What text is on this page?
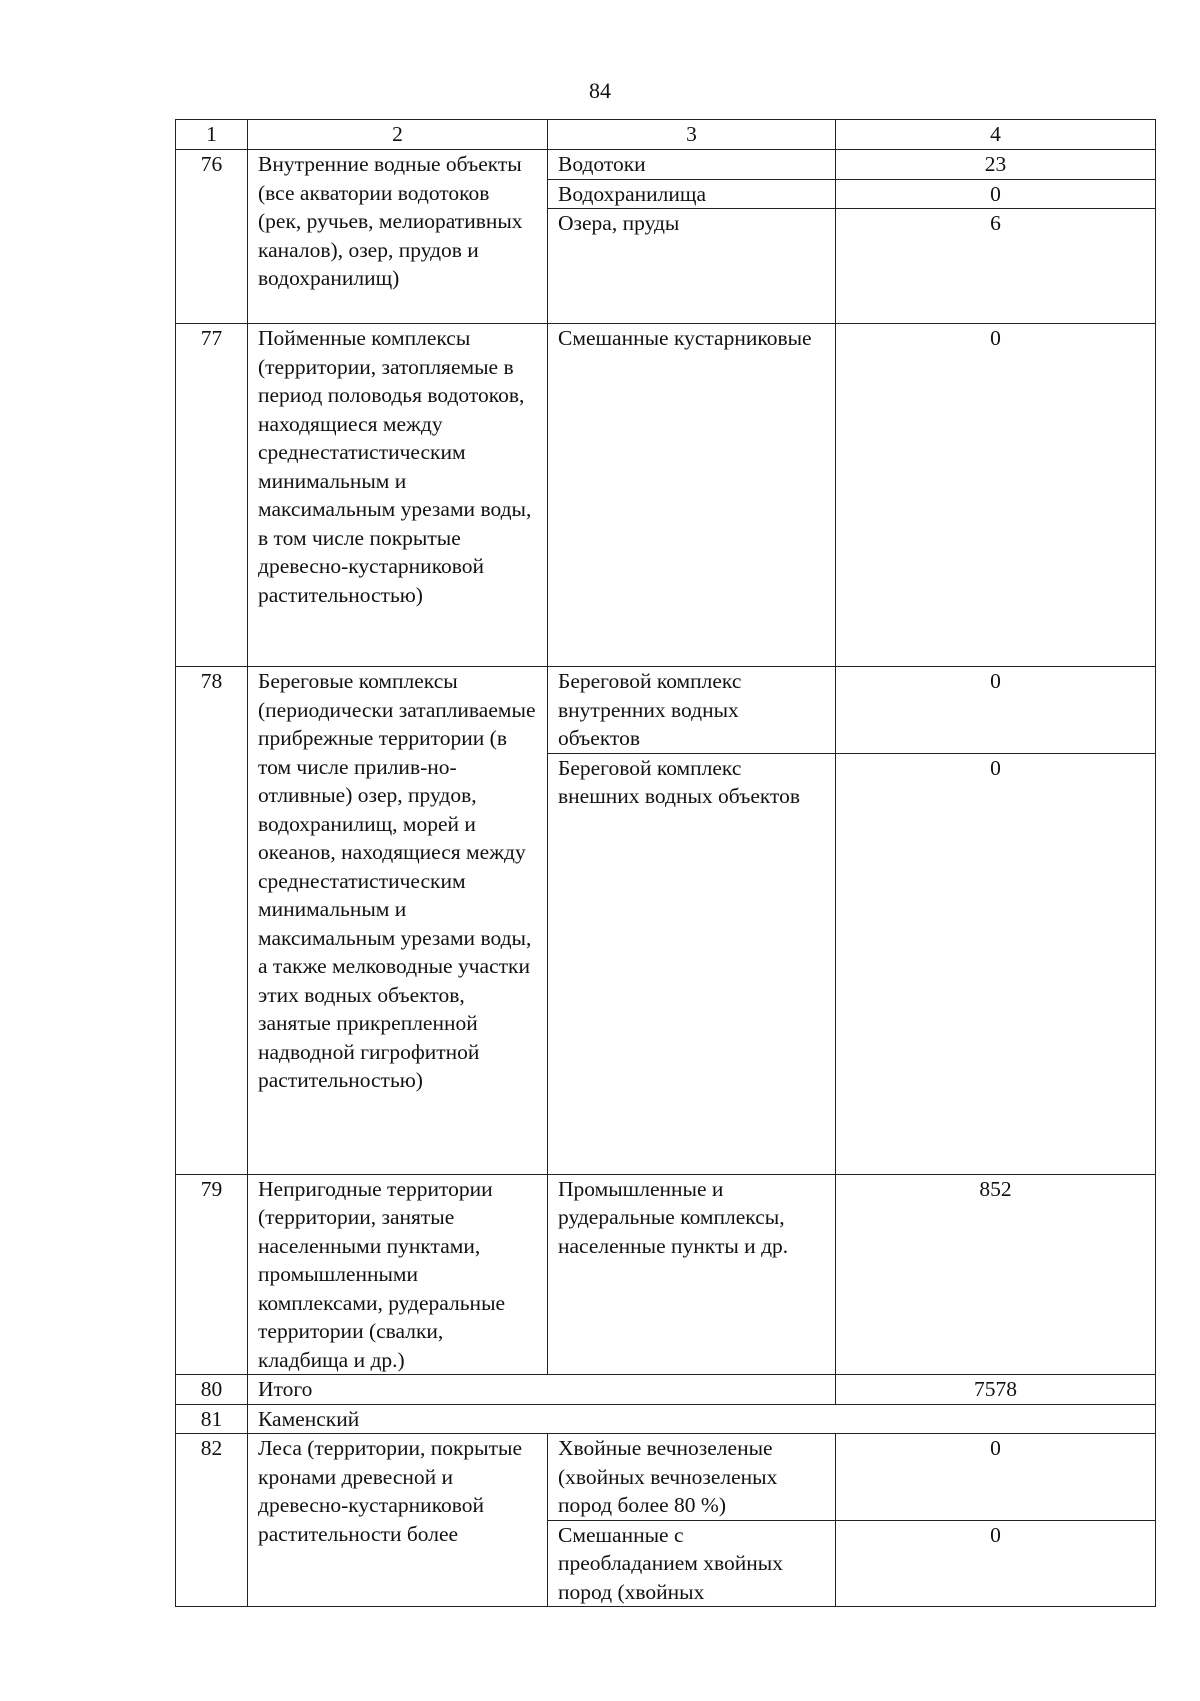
84
1	2	3	4
76	Внутренние водные объекты (все акватории водотоков (рек, ручьев, мелиоративных каналов), озер, прудов и водохранилищ)	Водотоки	23
		Водохранилища	0
		Озера, пруды	6
77	Пойменные комплексы (территории, затопляемые в период половодья водотоков, находящиеся между среднестатистическим минимальным и максимальным урезами воды, в том числе покрытые древесно-кустарниковой растительностью)	Смешанные кустарниковые	0
78	Береговые комплексы (периодически затапливаемые прибрежные территории (в том числе прилив-но-отливные) озер, прудов, водохранилищ, морей и океанов, находящиеся между среднестатистическим минимальным и максимальным урезами воды, а также мелководные участки этих водных объектов, занятые прикрепленной надводной гигрофитной растительностью)	Береговой комплекс внутренних водных объектов	0
		Береговой комплекс внешних водных объектов	0
79	Непригодные территории (территории, занятые населенными пунктами, промышленными комплексами, рудеральные территории (свалки, кладбища и др.)	Промышленные и рудеральные комплексы, населенные пункты и др.	852
80	Итого		7578
81	Каменский		
82	Леса (территории, покрытые кронами древесной и древесно-кустарниковой растительности более	Хвойные вечнозеленые (хвойных вечнозеленых пород более 80 %)	0
		Смешанные с преобладанием хвойных пород (хвойных	0
